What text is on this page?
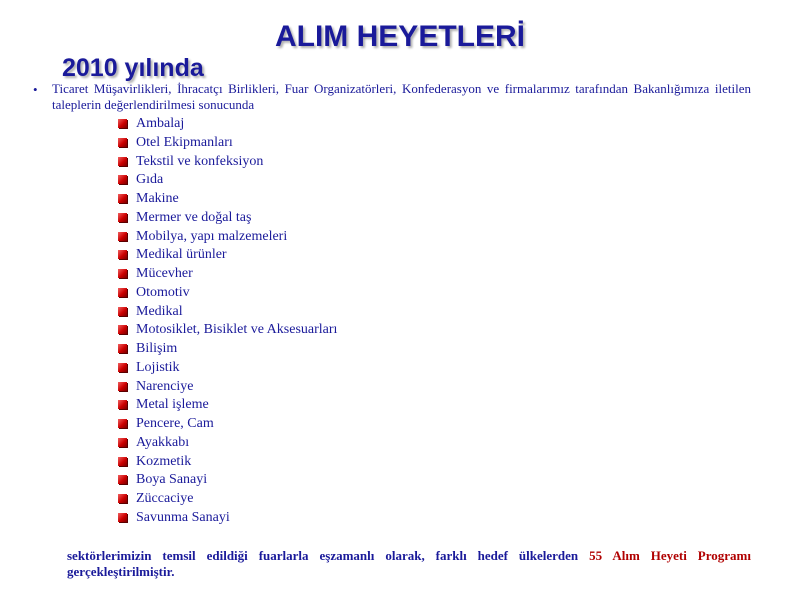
ALIM HEYETLERİ
2010 yılında
• Ticaret Müşavirlikleri, İhracatçı Birlikleri, Fuar Organizatörleri, Konfederasyon ve firmalarımız tarafından Bakanlığımıza iletilen taleplerin değerlendirilmesi sonucunda

Ambalaj
Otel Ekipmanları
Tekstil ve konfeksiyon
Gıda
Makine
Mermer ve doğal taş
Mobilya, yapı malzemeleri
Medikal ürünler
Mücevher
Otomotiv
Medikal
Motosiklet, Bisiklet ve Aksesuarları
Bilişim
Lojistik
Narenciye
Metal işleme
Pencere, Cam
Ayakkabı
Kozmetik
Boya Sanayi
Züccaciye
Savunma Sanayi

sektörlerimizin temsil edildiği fuarlarla eşzamanlı olarak, farklı hedef ülkelerden 55 Alım Heyeti Programı gerçekleştirilmiştir.
